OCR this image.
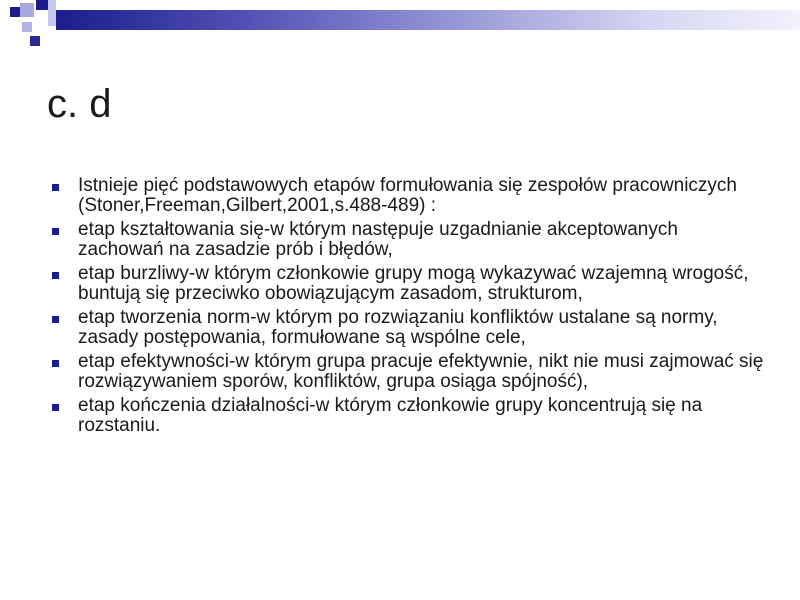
c. d
Istnieje pięć podstawowych etapów formułowania się zespołów pracowniczych (Stoner,Freeman,Gilbert,2001,s.488-489) :
etap kształtowania się-w którym następuje uzgadnianie akceptowanych zachowań na zasadzie prób i błędów,
etap burzliwy-w którym członkowie grupy mogą wykazywać wzajemną wrogość, buntują się przeciwko obowiązującym zasadom, strukturom,
etap tworzenia norm-w którym po rozwiązaniu konfliktów ustalane są normy, zasady postępowania, formułowane są wspólne cele,
etap efektywności-w którym grupa pracuje efektywnie, nikt nie musi zajmować się rozwiązywaniem sporów, konfliktów, grupa osiąga spójność),
etap kończenia działalności-w którym członkowie grupy koncentrują się na rozstaniu.
